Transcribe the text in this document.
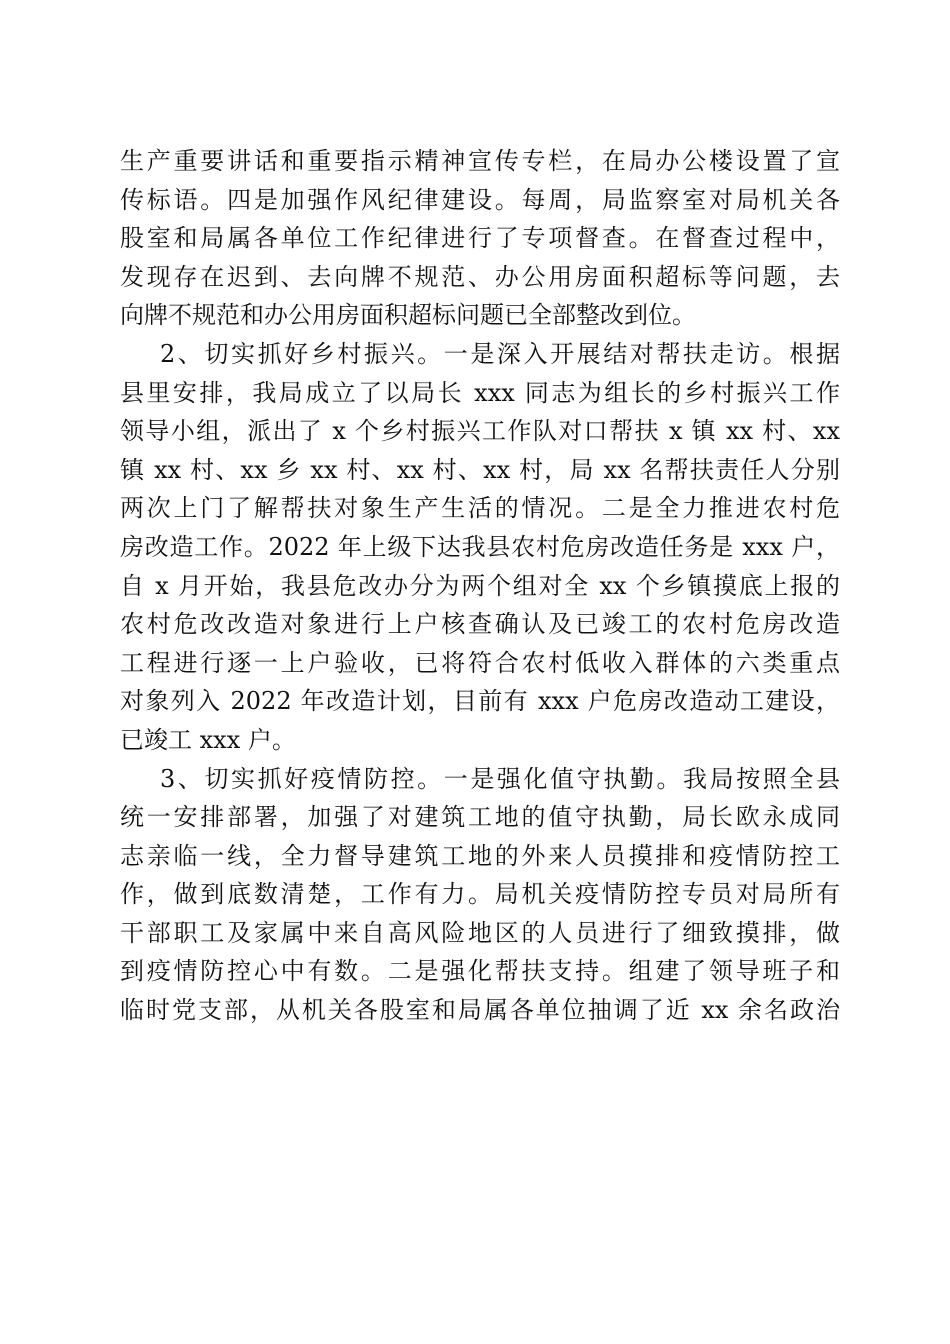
生产重要讲话和重要指示精神宣传专栏，在局办公楼设置了宣
传标语。四是加强作风纪律建设。每周，局监察室对局机关各
股室和局属各单位工作纪律进行了专项督查。在督查过程中，
发现存在迟到、去向牌不规范、办公用房面积超标等问题，去
向牌不规范和办公用房面积超标问题已全部整改到位。
2、切实抓好乡村振兴。一是深入开展结对帮扶走访。根据
县里安排，我局成立了以局长 xxx 同志为组长的乡村振兴工作
领导小组，派出了 x 个乡村振兴工作队对口帮扶 x 镇 xx 村、xx
镇 xx 村、xx 乡 xx 村、xx 村、xx 村，局 xx 名帮扶责任人分别
两次上门了解帮扶对象生产生活的情况。二是全力推进农村危
房改造工作。2022 年上级下达我县农村危房改造任务是 xxx 户，
自 x 月开始，我县危改办分为两个组对全 xx 个乡镇摸底上报的
农村危改改造对象进行上户核查确认及已竣工的农村危房改造
工程进行逐一上户验收，已将符合农村低收入群体的六类重点
对象列入 2022 年改造计划，目前有 xxx 户危房改造动工建设，
已竣工 xxx 户。
3、切实抓好疫情防控。一是强化值守执勤。我局按照全县
统一安排部署，加强了对建筑工地的值守执勤，局长欧永成同
志亲临一线，全力督导建筑工地的外来人员摸排和疫情防控工
作，做到底数清楚，工作有力。局机关疫情防控专员对局所有
干部职工及家属中来自高风险地区的人员进行了细致摸排，做
到疫情防控心中有数。二是强化帮扶支持。组建了领导班子和
临时党支部，从机关各股室和局属各单位抽调了近 xx 余名政治
